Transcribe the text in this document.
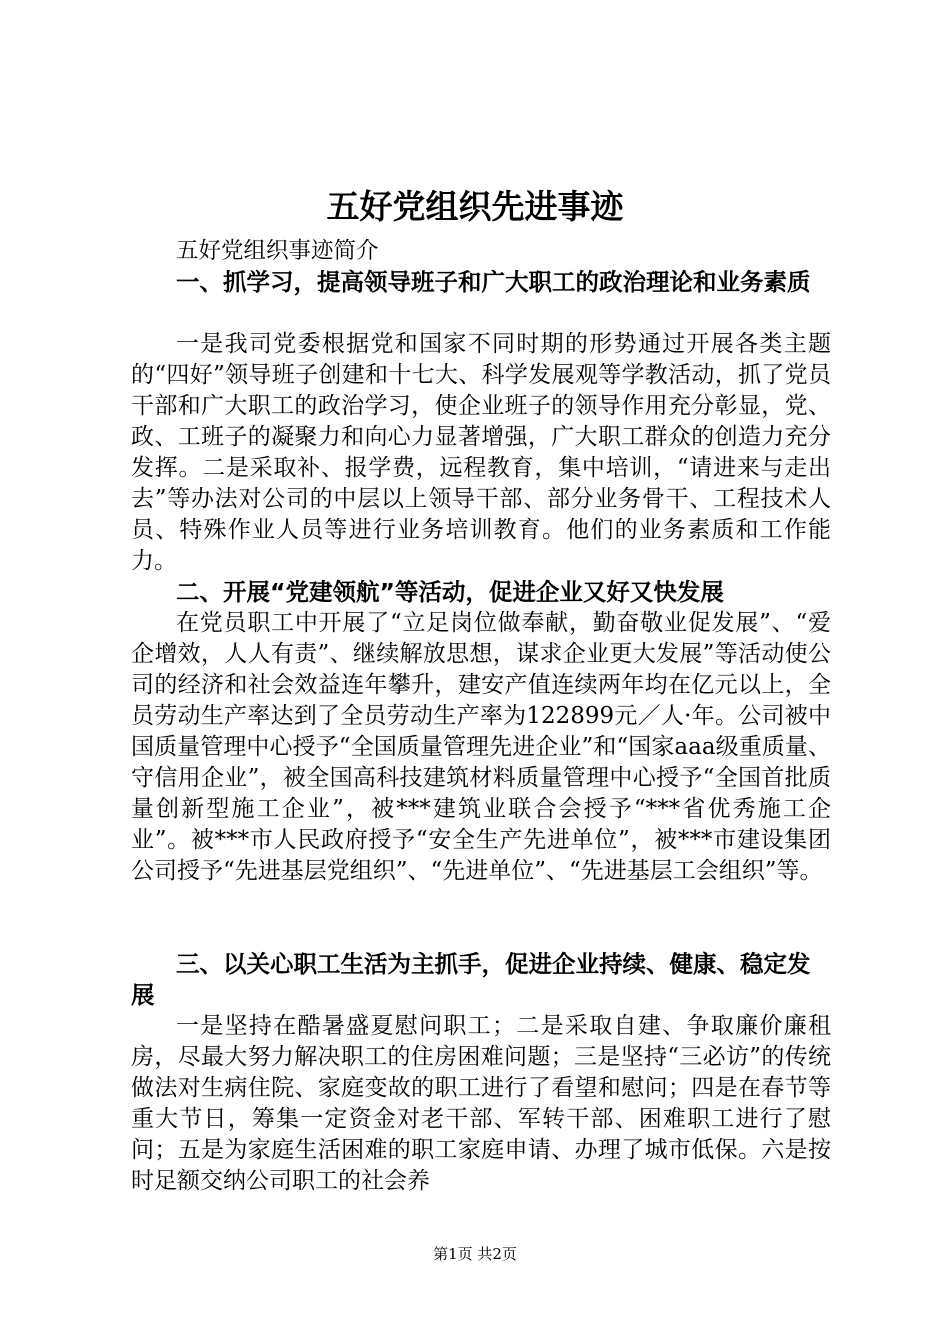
五好党组织先进事迹
五好党组织事迹简介

一、抓学习，提高领导班子和广大职工的政治理论和业务素质

一是我司党委根据党和国家不同时期的形势通过开展各类主题的“四好”领导班子创建和十七大、科学发展观等学教活动，抓了党员干部和广大职工的政治学习，使企业班子的领导作用充分彰显，党、政、工班子的凝聚力和向心力显著增强，广大职工群众的创造力充分发挥。二是采取补、报学费，远程教育，集中培训，“请进来与走出去”等办法对公司的中层以上领导干部、部分业务骨干、工程技术人员、特殊作业人员等进行业务培训教育。他们的业务素质和工作能力。

二、开展“党建领航”等活动，促进企业又好又快发展

在党员职工中开展了“立足岗位做奉献，勤奋敬业促发展”、“爱企增效，人人有责”、继续解放思想，谋求企业更大发展”等活动使公司的经济和社会效益连年攀升，建安产值连续两年均在亿元以上，全员劳动生产率达到了全员劳动生产率为122899元／人·年。公司被中国质量管理中心授予“全国质量管理先进企业”和“国家aaa级重质量、守信用企业”，被全国高科技建筑材料质量管理中心授予“全国首批质量创新型施工企业”，被***建筑业联合会授予“***省优秀施工企业”。被***市人民政府授予“安全生产先进单位”，被***市建设集团公司授予“先进基层党组织”、“先进单位”、“先进基层工会组织”等。

三、以关心职工生活为主抓手，促进企业持续、健康、稳定发展

一是坚持在酷暑盛夏慰问职工；二是采取自建、争取廉价廉租房，尽最大努力解决职工的住房困难问题；三是坚持“三必访”的传统做法对生病住院、家庭变故的职工进行了看望和慰问；四是在春节等重大节日，筹集一定资金对老干部、军转干部、困难职工进行了慰问；五是为家庭生活困难的职工家庭申请、办理了城市低保。六是按时足额交纳公司职工的社会养

第1页 共2页
